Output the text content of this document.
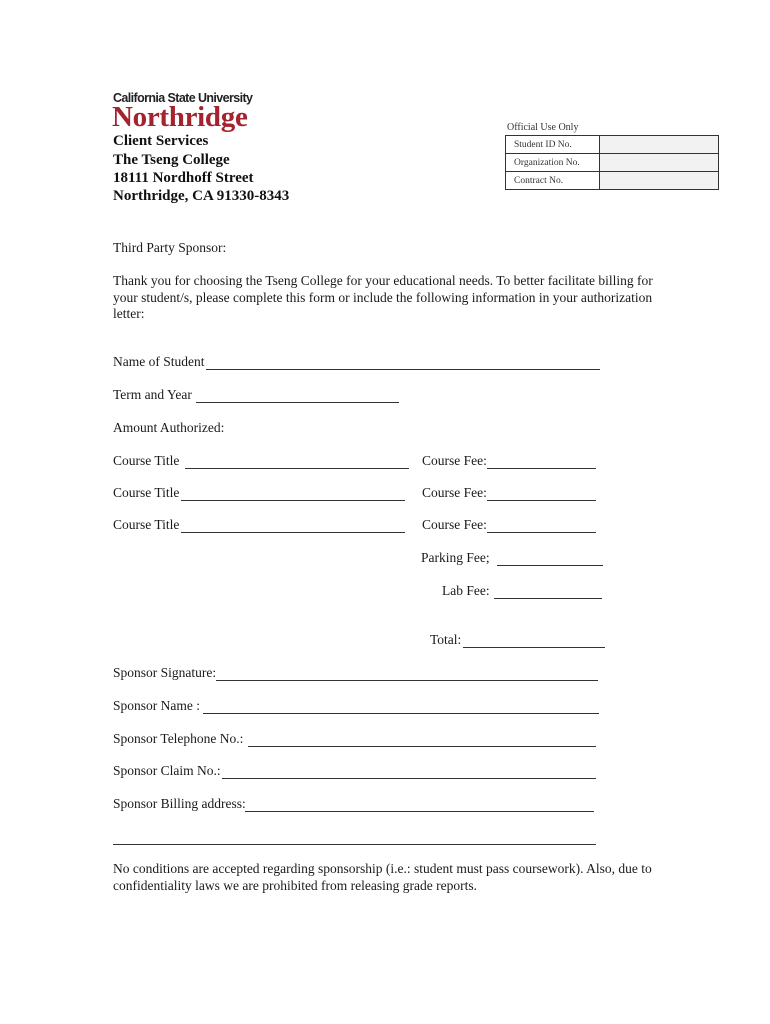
California State University
Northridge
Client Services
The Tseng College
18111 Nordhoff Street
Northridge, CA 91330-8343
Official Use Only
Student ID No.	
Organization No.	
Contract No.	
Third Party Sponsor:
Thank you for choosing the Tseng College for your educational needs. To better facilitate billing for your student/s, please complete this form or include the following information in your authorization letter:
Name of Student
Term and Year
Amount Authorized:
Course Title	Course Fee:
Course Title	Course Fee:
Course Title	Course Fee:
Parking Fee;
Lab Fee:
Total:
Sponsor Signature:
Sponsor Name :
Sponsor Telephone No.:
Sponsor Claim No.:
Sponsor Billing address:
No conditions are accepted regarding sponsorship (i.e.: student must pass coursework). Also, due to confidentiality laws we are prohibited from releasing grade reports.
